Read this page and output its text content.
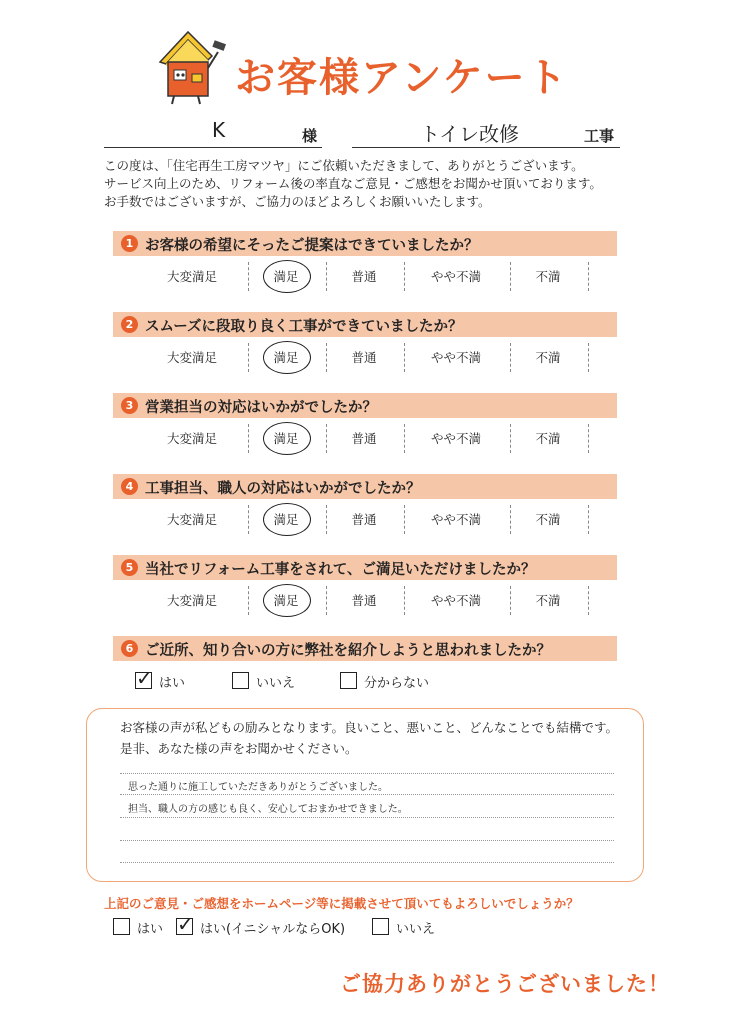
お客様アンケート
K	様	トイレ改修	工事
この度は、「住宅再生工房マツヤ」にご依頼いただきまして、ありがとうございます。
サービス向上のため、リフォーム後の率直なご意見・ご感想をお聞かせ頂いております。
お手数ではございますが、ご協力のほどよろしくお願いいたします。
1 お客様の希望にそったご提案はできていましたか？
大変満足	満足	普通	やや不満	不満
2 スムーズに段取り良く工事ができていましたか？
大変満足	満足	普通	やや不満	不満
3 営業担当の対応はいかがでしたか？
大変満足	満足	普通	やや不満	不満
4 工事担当、職人の対応はいかがでしたか？
大変満足	満足	普通	やや不満	不満
5 当社でリフォーム工事をされて、ご満足いただけましたか？
大変満足	満足	普通	やや不満	不満
6 ご近所、知り合いの方に弊社を紹介しようと思われましたか？
✓ はい	いいえ	分からない
お客様の声が私どもの励みとなります。良いこと、悪いこと、どんなことでも結構です。
是非、あなた様の声をお聞かせください。
思った通りに施工していただきありがとうございました。
担当、職人の方の感じも良く、安心しておまかせできました。
上記のご意見・ご感想をホームページ等に掲載させて頂いてもよろしいでしょうか？
はい ✓ はい(イニシャルならOK)	いいえ
ご協力ありがとうございました！
